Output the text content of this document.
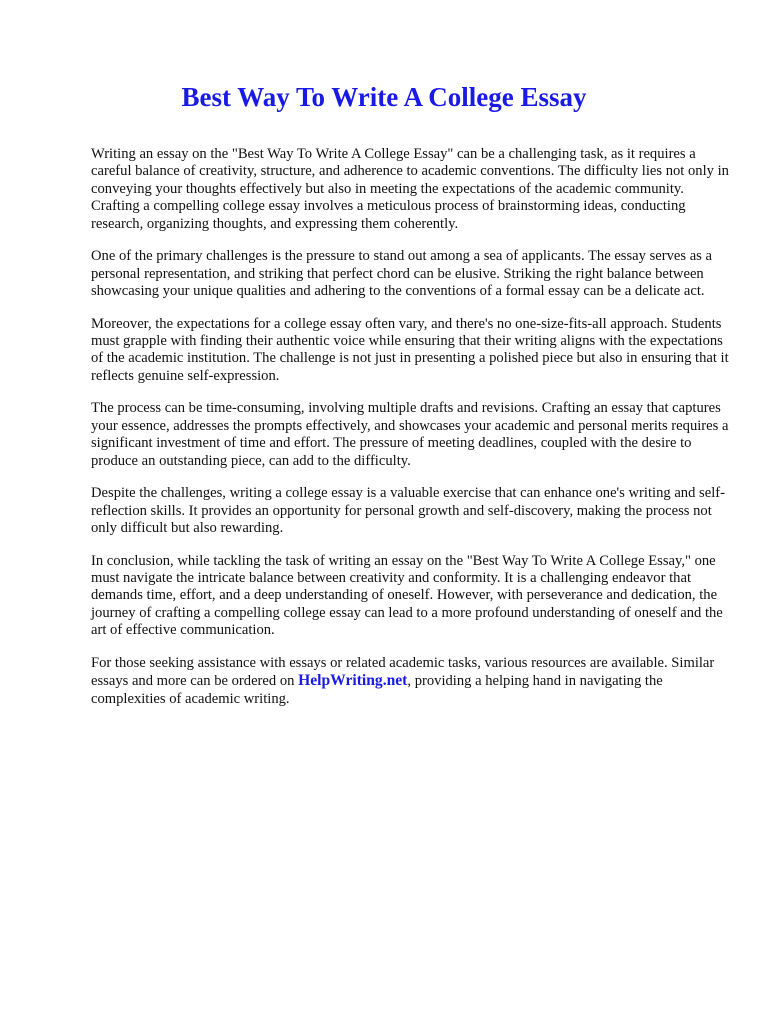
Best Way To Write A College Essay

Writing an essay on the "Best Way To Write A College Essay" can be a challenging task, as it requires a careful balance of creativity, structure, and adherence to academic conventions. The difficulty lies not only in conveying your thoughts effectively but also in meeting the expectations of the academic community. Crafting a compelling college essay involves a meticulous process of brainstorming ideas, conducting research, organizing thoughts, and expressing them coherently.

One of the primary challenges is the pressure to stand out among a sea of applicants. The essay serves as a personal representation, and striking that perfect chord can be elusive. Striking the right balance between showcasing your unique qualities and adhering to the conventions of a formal essay can be a delicate act.

Moreover, the expectations for a college essay often vary, and there's no one-size-fits-all approach. Students must grapple with finding their authentic voice while ensuring that their writing aligns with the expectations of the academic institution. The challenge is not just in presenting a polished piece but also in ensuring that it reflects genuine self-expression.

The process can be time-consuming, involving multiple drafts and revisions. Crafting an essay that captures your essence, addresses the prompts effectively, and showcases your academic and personal merits requires a significant investment of time and effort. The pressure of meeting deadlines, coupled with the desire to produce an outstanding piece, can add to the difficulty.

Despite the challenges, writing a college essay is a valuable exercise that can enhance one's writing and self-reflection skills. It provides an opportunity for personal growth and self-discovery, making the process not only difficult but also rewarding.

In conclusion, while tackling the task of writing an essay on the "Best Way To Write A College Essay," one must navigate the intricate balance between creativity and conformity. It is a challenging endeavor that demands time, effort, and a deep understanding of oneself. However, with perseverance and dedication, the journey of crafting a compelling college essay can lead to a more profound understanding of oneself and the art of effective communication.

For those seeking assistance with essays or related academic tasks, various resources are available. Similar essays and more can be ordered on HelpWriting.net, providing a helping hand in navigating the complexities of academic writing.
